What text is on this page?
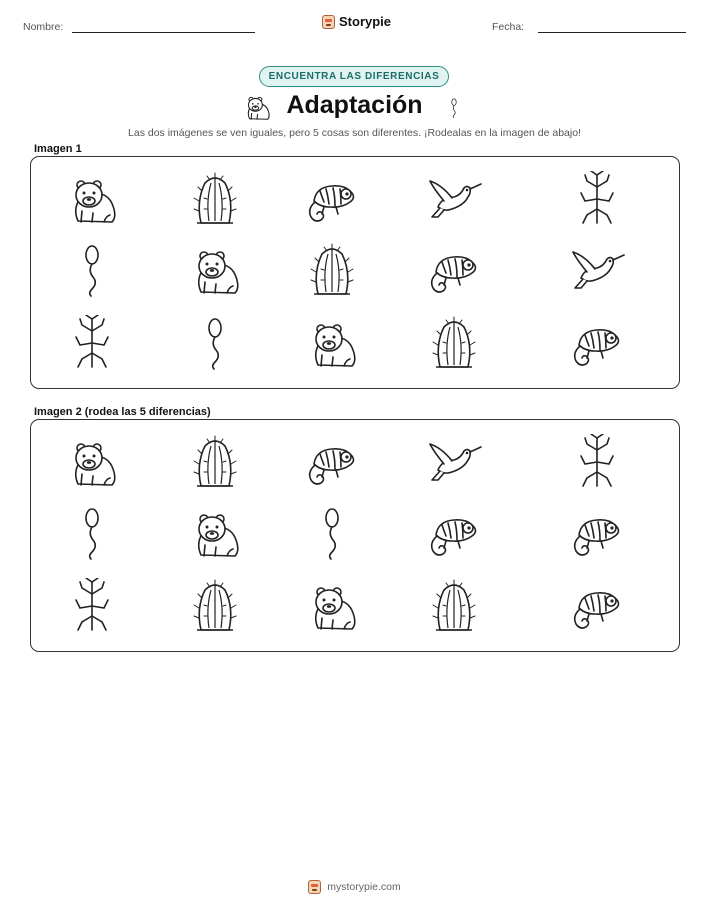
Nombre:	Storypie	Fecha:
ENCUENTRA LAS DIFERENCIAS
Adaptación
Las dos imágenes se ven iguales, pero 5 cosas son diferentes. ¡Rodealas en la imagen de abajo!
Imagen 1
Imagen 2 (rodea las 5 diferencias)
mystorypie.com
